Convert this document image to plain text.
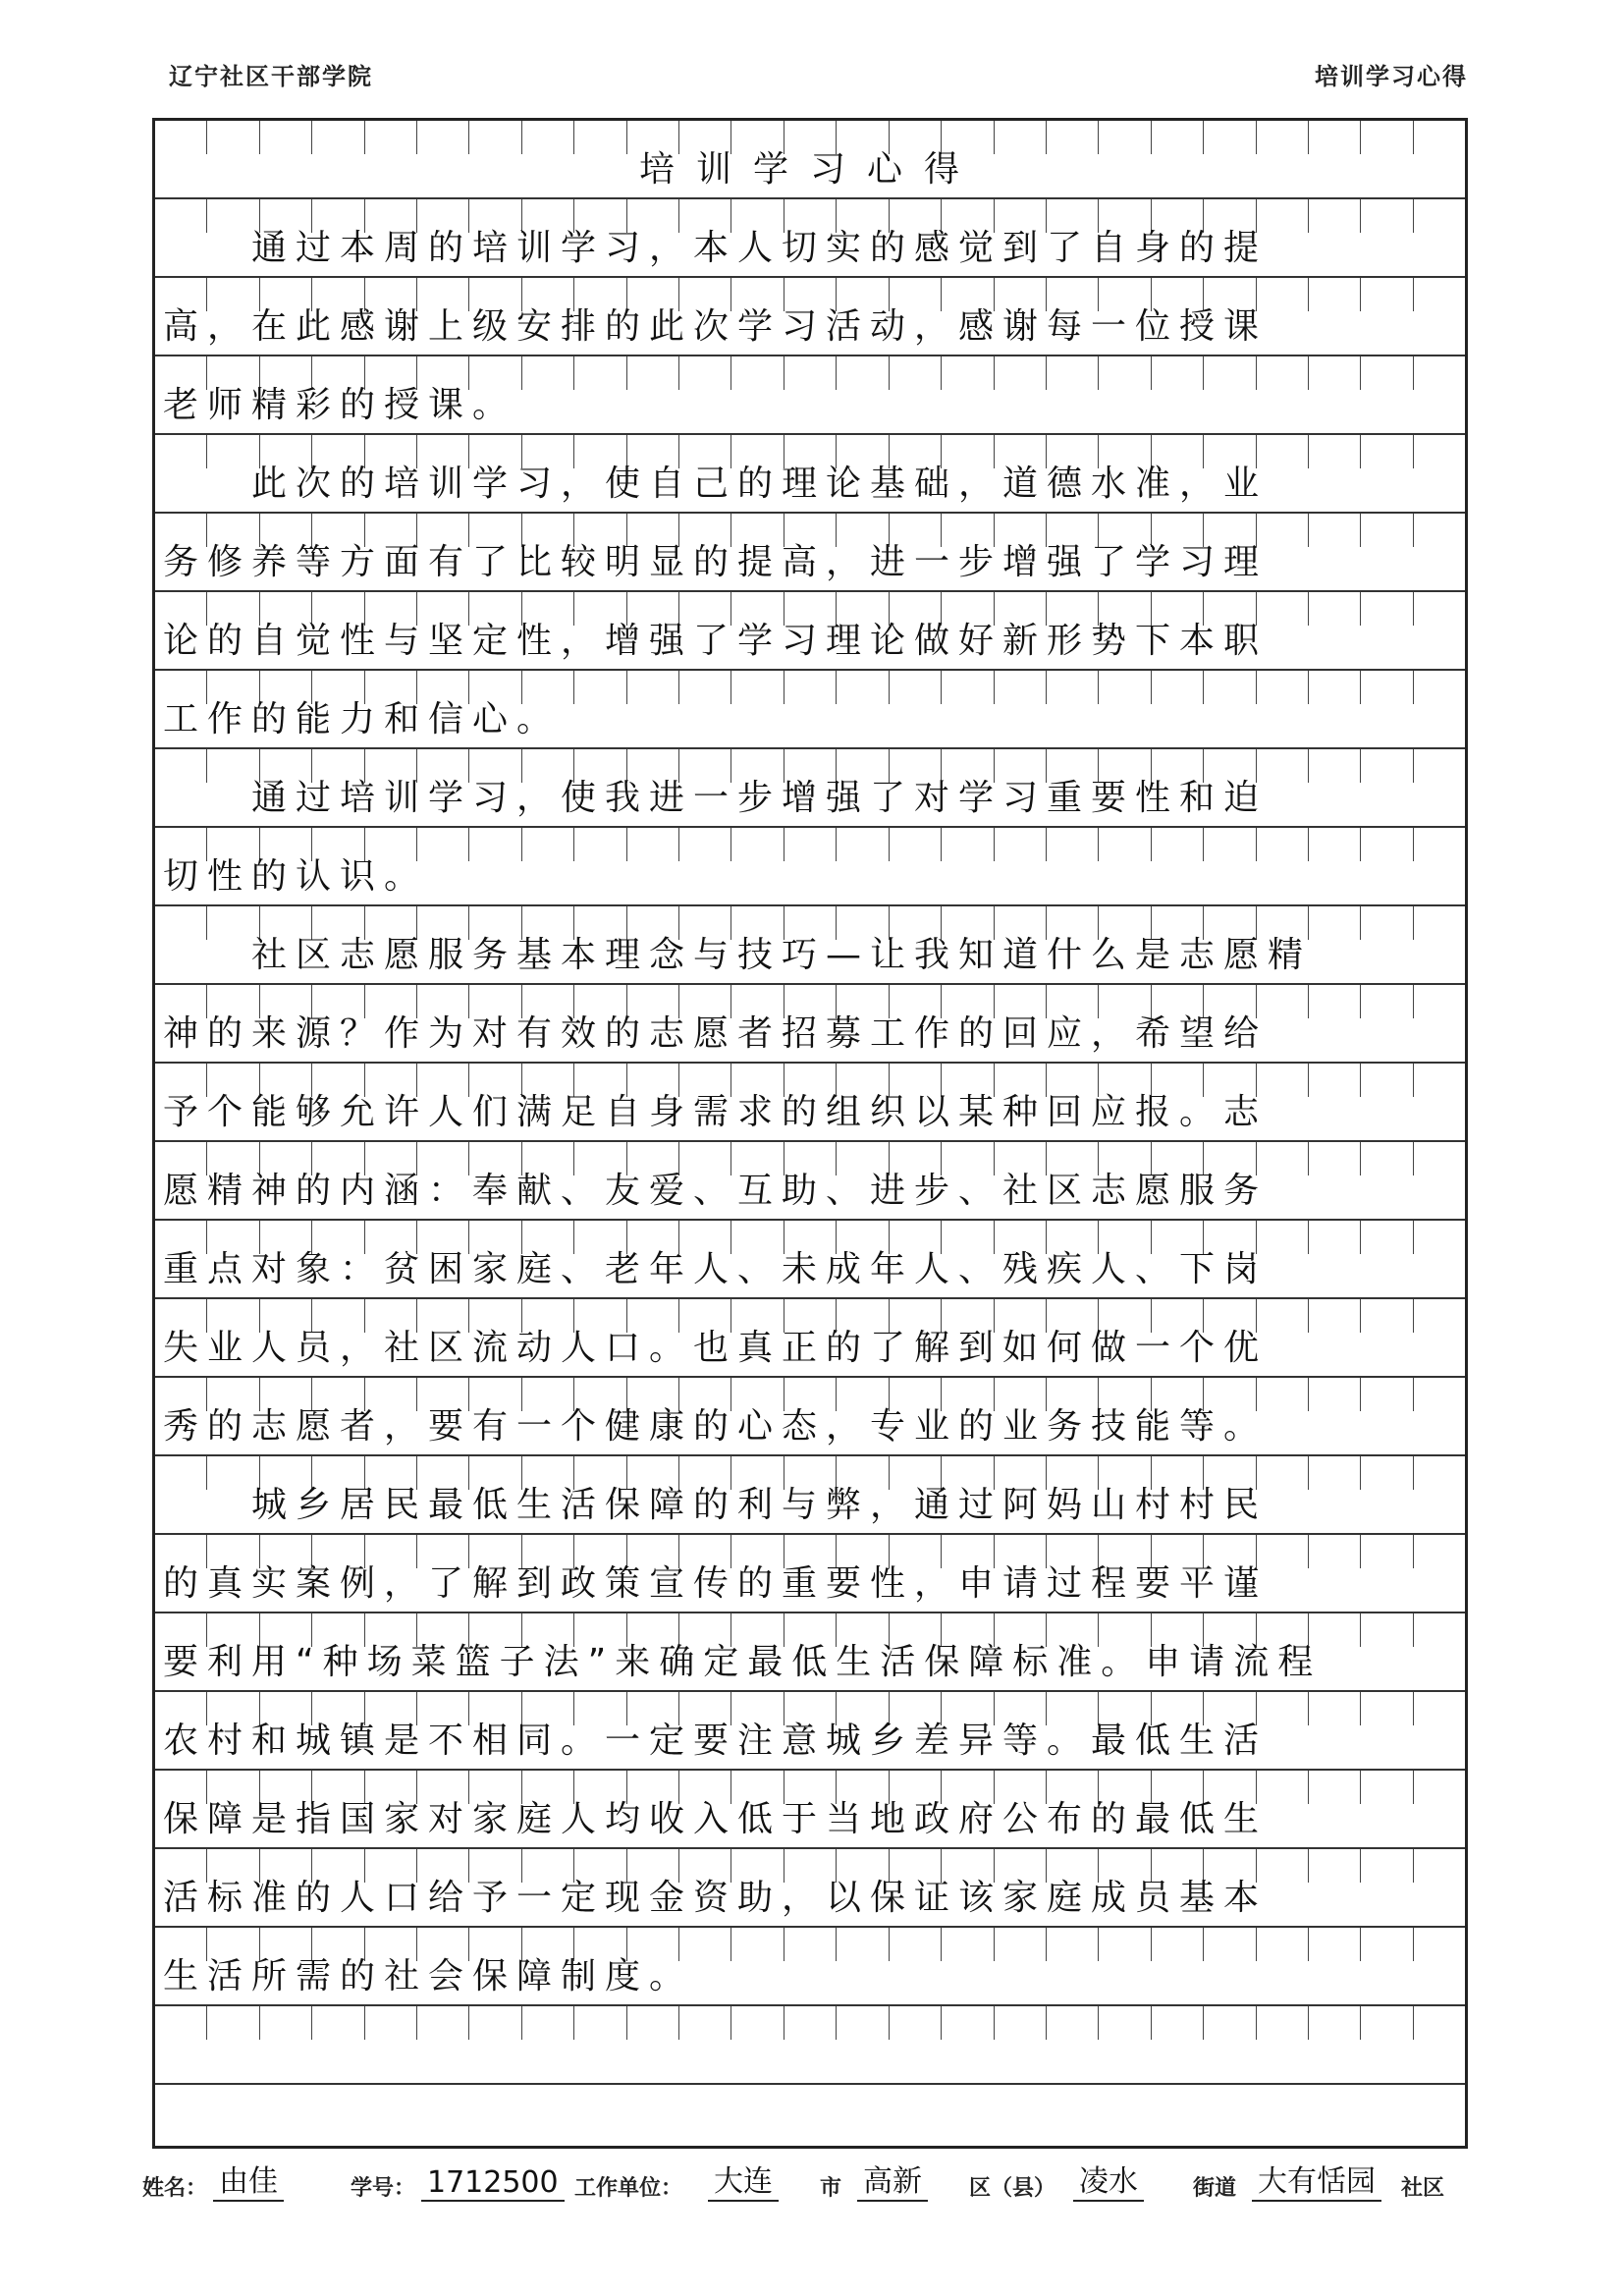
辽宁社区干部学院	培训学习心得
培训学习心得
　　通过本周的培训学习，本人切实的感觉到了自身的提
高，在此感谢上级安排的此次学习活动，感谢每一位授课
老师精彩的授课。
　　此次的培训学习，使自己的理论基础，道德水准，业
务修养等方面有了比较明显的提高，进一步增强了学习理
论的自觉性与坚定性，增强了学习理论做好新形势下本职
工作的能力和信心。
　　通过培训学习，使我进一步增强了对学习重要性和迫
切性的认识。
　　社区志愿服务基本理念与技巧—让我知道什么是志愿精
神的来源？作为对有效的志愿者招募工作的回应，希望给
予个能够允许人们满足自身需求的组织以某种回应报。志
愿精神的内涵：奉献、友爱、互助、进步、社区志愿服务
重点对象：贫困家庭、老年人、未成年人、残疾人、下岗
失业人员，社区流动人口。也真正的了解到如何做一个优
秀的志愿者，要有一个健康的心态，专业的业务技能等。
　　城乡居民最低生活保障的利与弊，通过阿妈山村村民
的真实案例，了解到政策宣传的重要性，申请过程要平谨
要利用“种场菜篮子法”来确定最低生活保障标准。申请流程
农村和城镇是不相同。一定要注意城乡差异等。最低生活
保障是指国家对家庭人均收入低于当地政府公布的最低生
活标准的人口给予一定现金资助，以保证该家庭成员基本
生活所需的社会保障制度。
姓名： 由佳	学号： 1712500 工作单位： 大连 市 高新 区（县） 凌水	街道 大有恬园 社区
